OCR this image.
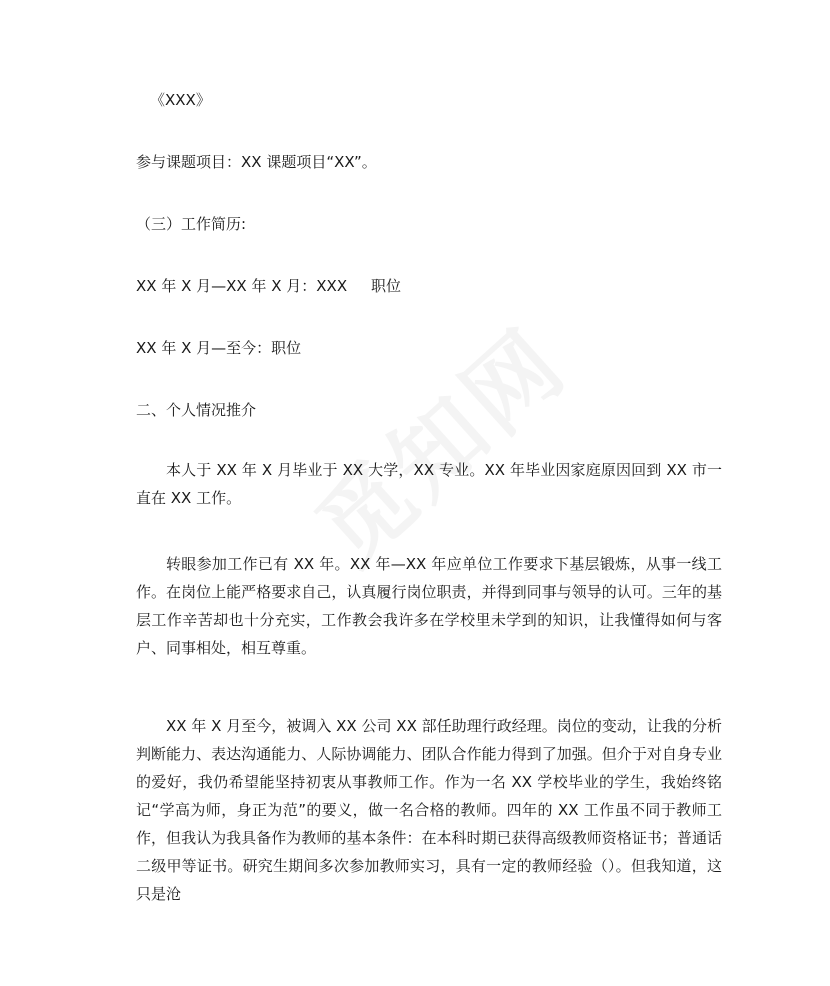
《XXX》
参与课题项目：XX 课题项目“XX”。
（三）工作简历:
XX 年 X 月—XX 年 X 月：XXX 职位
XX 年 X 月—至今：职位
二、个人情况推介
本人于 XX 年 X 月毕业于 XX 大学，XX 专业。XX 年毕业因家庭原因回到 XX 市一直在 XX 工作。
转眼参加工作已有 XX 年。XX 年—XX 年应单位工作要求下基层锻炼，从事一线工作。在岗位上能严格要求自己，认真履行岗位职责，并得到同事与领导的认可。三年的基层工作辛苦却也十分充实，工作教会我许多在学校里未学到的知识，让我懂得如何与客户、同事相处，相互尊重。
XX 年 X 月至今，被调入 XX 公司 XX 部任助理行政经理。岗位的变动，让我的分析判断能力、表达沟通能力、人际协调能力、团队合作能力得到了加强。但介于对自身专业的爱好，我仍希望能坚持初衷从事教师工作。作为一名 XX 学校毕业的学生，我始终铭记“学高为师，身正为范”的要义，做一名合格的教师。四年的 XX 工作虽不同于教师工作，但我认为我具备作为教师的基本条件：在本科时期已获得高级教师资格证书；普通话二级甲等证书。研究生期间多次参加教师实习，具有一定的教师经验（）。但我知道，这只是沧
